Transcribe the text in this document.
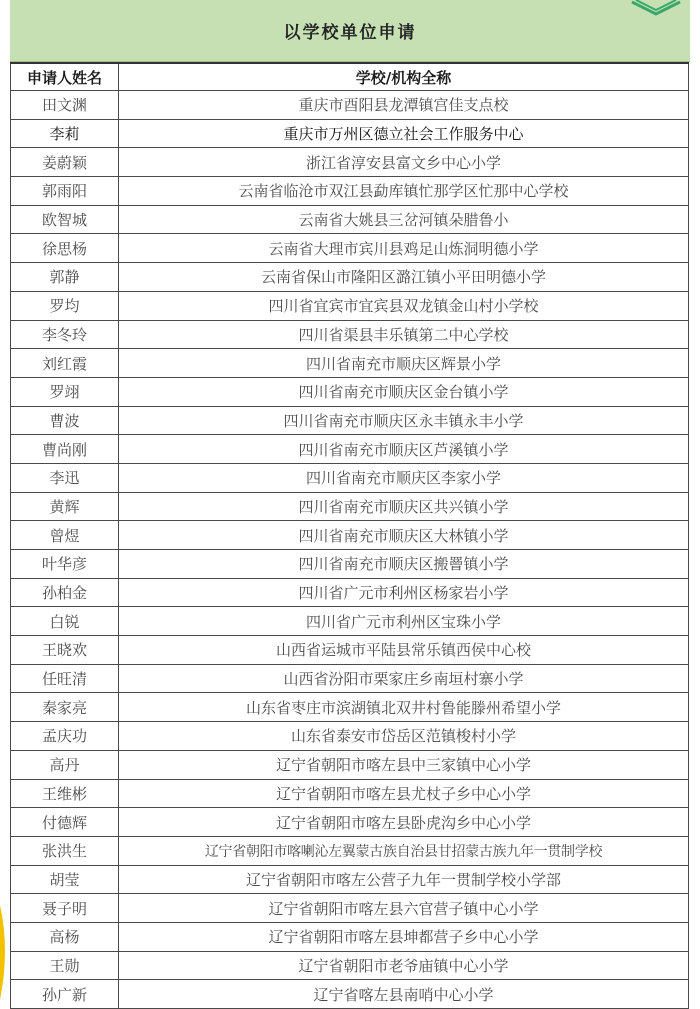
以学校单位申请
申请人姓名	学校/机构全称
田文渊	重庆市酉阳县龙潭镇宫佳支点校
李莉	重庆市万州区德立社会工作服务中心
姜蔚颖	浙江省淳安县富文乡中心小学
郭雨阳	云南省临沧市双江县勐库镇忙那学区忙那中心学校
欧智城	云南省大姚县三岔河镇朵腊鲁小
徐思杨	云南省大理市宾川县鸡足山炼洞明德小学
郭静	云南省保山市隆阳区潞江镇小平田明德小学
罗均	四川省宜宾市宜宾县双龙镇金山村小学校
李冬玲	四川省渠县丰乐镇第二中心学校
刘红霞	四川省南充市顺庆区辉景小学
罗翊	四川省南充市顺庆区金台镇小学
曹波	四川省南充市顺庆区永丰镇永丰小学
曹尚刚	四川省南充市顺庆区芦溪镇小学
李迅	四川省南充市顺庆区李家小学
黄辉	四川省南充市顺庆区共兴镇小学
曾煜	四川省南充市顺庆区大林镇小学
叶华彦	四川省南充市顺庆区搬罾镇小学
孙柏金	四川省广元市利州区杨家岩小学
白锐	四川省广元市利州区宝珠小学
王晓欢	山西省运城市平陆县常乐镇西侯中心校
任旺清	山西省汾阳市栗家庄乡南垣村寨小学
秦家亮	山东省枣庄市滨湖镇北双井村鲁能滕州希望小学
孟庆功	山东省泰安市岱岳区范镇梭村小学
高丹	辽宁省朝阳市喀左县中三家镇中心小学
王维彬	辽宁省朝阳市喀左县尤杖子乡中心小学
付德辉	辽宁省朝阳市喀左县卧虎沟乡中心小学
张洪生	辽宁省朝阳市喀喇沁左翼蒙古族自治县甘招蒙古族九年一贯制学校
胡莹	辽宁省朝阳市喀左公营子九年一贯制学校小学部
聂子明	辽宁省朝阳市喀左县六官营子镇中心小学
高杨	辽宁省朝阳市喀左县坤都营子乡中心小学
王勋	辽宁省朝阳市老爷庙镇中心小学
孙广新	辽宁省喀左县南哨中心小学
